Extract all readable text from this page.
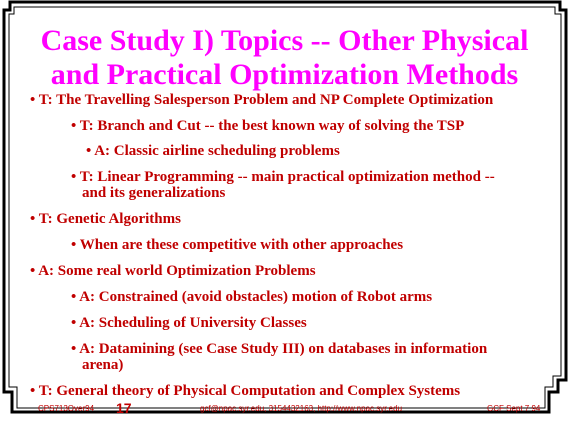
Case Study I) Topics -- Other Physical
and Practical Optimization Methods
• T: The Travelling Salesperson Problem and NP Complete Optimization
• T: Branch and Cut -- the best known way of solving the TSP
• A: Classic airline scheduling problems
• T: Linear Programming -- main practical optimization method --
and its generalizations
• T: Genetic Algorithms
• When are these competitive with other approaches
• A: Some real world Optimization Problems
• A: Constrained (avoid obstacles) motion of Robot arms
• A: Scheduling of University Classes
• A: Datamining (see Case Study III) on databases in information
arena)
• T: General theory of Physical Computation and Complex Systems
CPS713Over94 17	gcf@npac.syr.edu, 3154432163, http://www.npac.syr.edu	GCF Sept 7 94
